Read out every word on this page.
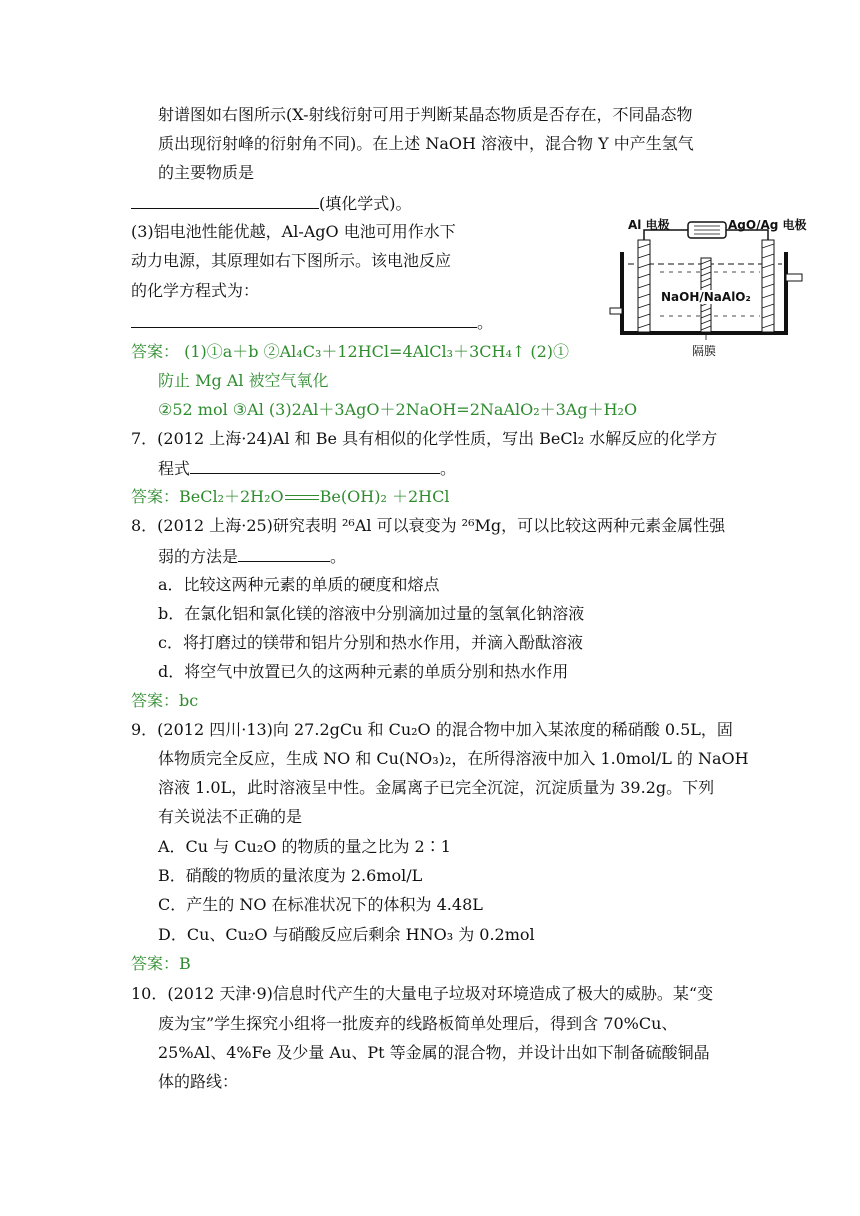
射谱图如右图所示(X-射线衍射可用于判断某晶态物质是否存在，不同晶态物
质出现衍射峰的衍射角不同)。在上述 NaOH 溶液中，混合物 Y 中产生氢气
的主要物质是
(填化学式)。
(3)铝电池性能优越，Al-AgO 电池可用作水下
动力电源，其原理如右下图所示。该电池反应
的化学方程式为：
。
Al 电极	AgO/Ag 电极
NaOH/NaAlO₂
隔膜
答案： (1)①a＋b ②Al₄C₃＋12HCl=4AlCl₃＋3CH₄↑ (2)①
防止 Mg Al 被空气氧化
②52 mol ③Al (3)2Al＋3AgO＋2NaOH=2NaAlO₂＋3Ag＋H₂O
7．(2012 上海·24)Al 和 Be 具有相似的化学性质，写出 BeCl₂ 水解反应的化学方
程式	。
答案：BeCl₂＋2H₂O Be(OH)₂ ＋2HCl
8．(2012 上海·25)研究表明 ²⁶Al 可以衰变为 ²⁶Mg，可以比较这两种元素金属性强
弱的方法是	。
a．比较这两种元素的单质的硬度和熔点
b．在氯化铝和氯化镁的溶液中分别滴加过量的氢氧化钠溶液
c．将打磨过的镁带和铝片分别和热水作用，并滴入酚酞溶液
d．将空气中放置已久的这两种元素的单质分别和热水作用
答案：bc
9．(2012 四川·13)向 27.2gCu 和 Cu₂O 的混合物中加入某浓度的稀硝酸 0.5L，固
体物质完全反应，生成 NO 和 Cu(NO₃)₂，在所得溶液中加入 1.0mol/L 的 NaOH
溶液 1.0L，此时溶液呈中性。金属离子已完全沉淀，沉淀质量为 39.2g。下列
有关说法不正确的是
A．Cu 与 Cu₂O 的物质的量之比为 2∶1
B．硝酸的物质的量浓度为 2.6mol/L
C．产生的 NO 在标准状况下的体积为 4.48L
D．Cu、Cu₂O 与硝酸反应后剩余 HNO₃ 为 0.2mol
答案：B
10．(2012 天津·9)信息时代产生的大量电子垃圾对环境造成了极大的威胁。某“变
废为宝”学生探究小组将一批废弃的线路板简单处理后，得到含 70%Cu、
25%Al、4%Fe 及少量 Au、Pt 等金属的混合物，并设计出如下制备硫酸铜晶
体的路线：
